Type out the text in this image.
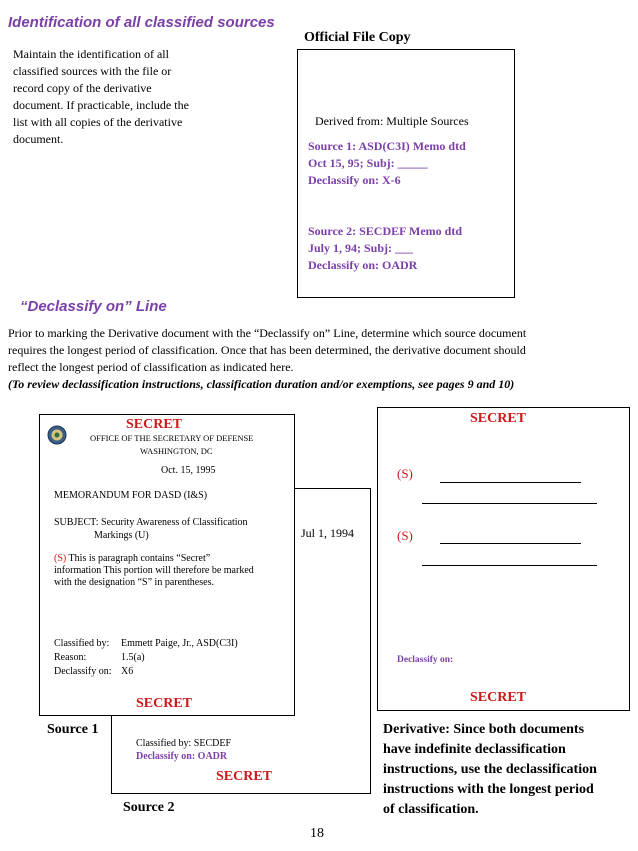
Identification of all classified sources
Maintain the identification of all
classified sources with the file or
record copy of the derivative
document. If practicable, include the
list with all copies of the derivative
document.
Official File Copy
Derived from: Multiple Sources
Source 1: ASD(C3I) Memo dtd
Oct 15, 95; Subj: _____
Declassify on: X-6
Source 2: SECDEF Memo dtd
July 1, 94; Subj: ___
Declassify on: OADR
“Declassify on” Line
Prior to marking the Derivative document with the “Declassify on” Line, determine which source document
requires the longest period of classification. Once that has been determined, the derivative document should
reflect the longest period of classification as indicated here.
(To review declassification instructions, classification duration and/or exemptions, see pages 9 and 10)
Jul 1, 1994
Classified by: SECDEF
Declassify on: OADR
SECRET
SECRET
OFFICE OF THE SECRETARY OF DEFENSE
WASHINGTON, DC
Oct. 15, 1995
MEMORANDUM FOR DASD (I&S)
SUBJECT: Security Awareness of Classification
Markings (U)
(S) This is paragraph contains “Secret”
information This portion will therefore be marked
with the designation “S” in parentheses.
Classified by:	Emmett Paige, Jr., ASD(C3I)
Reason:	1.5(a)
Declassify on: X6
SECRET
Source 1
Source 2
SECRET
(S)
(S)
Declassify on:
SECRET
Derivative: Since both documents
have indefinite declassification
instructions, use the declassification
instructions with the longest period
of classification.
18
